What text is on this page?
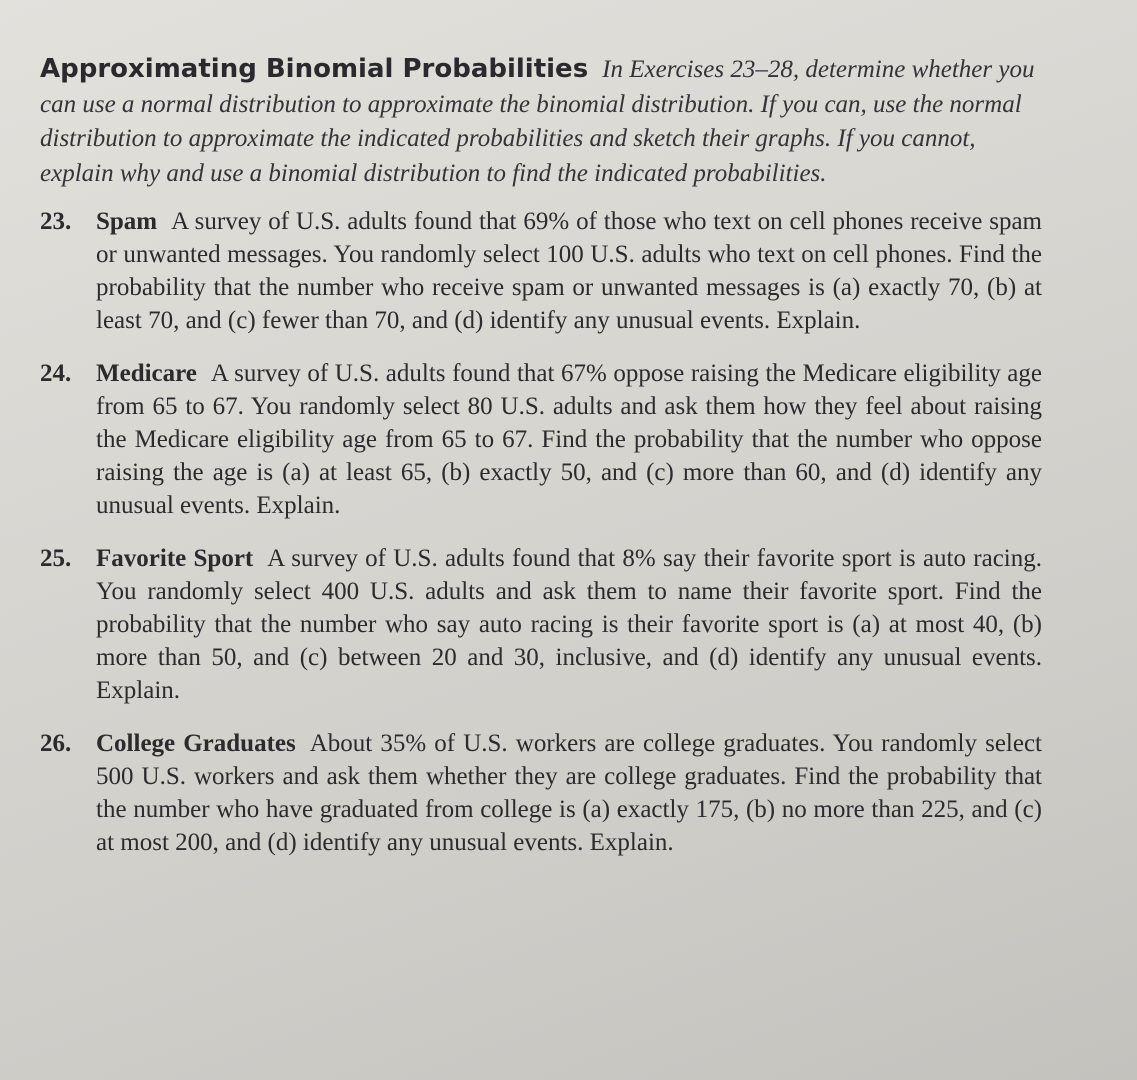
Approximating Binomial Probabilities In Exercises 23–28, determine whether you can use a normal distribution to approximate the binomial distribution. If you can, use the normal distribution to approximate the indicated probabilities and sketch their graphs. If you cannot, explain why and use a binomial distribution to find the indicated probabilities.

23. Spam A survey of U.S. adults found that 69% of those who text on cell phones receive spam or unwanted messages. You randomly select 100 U.S. adults who text on cell phones. Find the probability that the number who receive spam or unwanted messages is (a) exactly 70, (b) at least 70, and (c) fewer than 70, and (d) identify any unusual events. Explain.
24. Medicare A survey of U.S. adults found that 67% oppose raising the Medicare eligibility age from 65 to 67. You randomly select 80 U.S. adults and ask them how they feel about raising the Medicare eligibility age from 65 to 67. Find the probability that the number who oppose raising the age is (a) at least 65, (b) exactly 50, and (c) more than 60, and (d) identify any unusual events. Explain.
25. Favorite Sport A survey of U.S. adults found that 8% say their favorite sport is auto racing. You randomly select 400 U.S. adults and ask them to name their favorite sport. Find the probability that the number who say auto racing is their favorite sport is (a) at most 40, (b) more than 50, and (c) between 20 and 30, inclusive, and (d) identify any unusual events. Explain.
26. College Graduates About 35% of U.S. workers are college graduates. You randomly select 500 U.S. workers and ask them whether they are college graduates. Find the probability that the number who have graduated from college is (a) exactly 175, (b) no more than 225, and (c) at most 200, and (d) identify any unusual events. Explain.
